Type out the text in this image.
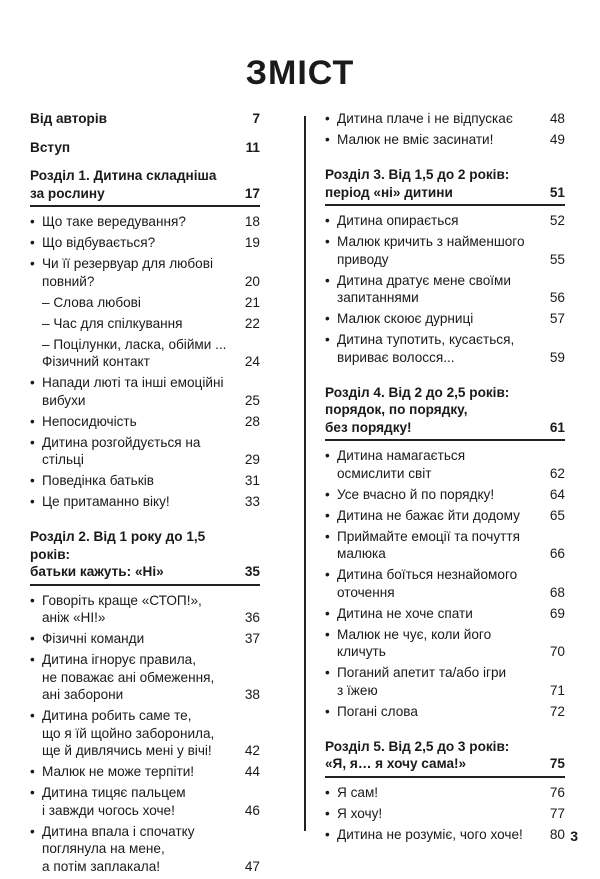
ЗМІСТ
Від авторів	7
Вступ	11
Розділ 1. Дитина складніша
за рослину	17
• Що таке вередування?	18
• Що відбувається?	19
• Чи її резервуар для любові
повний?	20
– Слова любові	21
– Час для спілкування	22
– Поцілунки, ласка, обійми ...
Фізичний контакт	24
• Напади люті та інші емоційні
вибухи	25
• Непосидючість	28
• Дитина розгойдується на стільці	29
• Поведінка батьків	31
• Це притаманно віку!	33
Розділ 2. Від 1 року до 1,5 років:
батьки кажуть: «Ні»	35
• Говоріть краще «СТОП!»,
аніж «НІ!»	36
• Фізичні команди	37
• Дитина ігнорує правила,
не поважає ані обмеження,
ані заборони	38
• Дитина робить саме те,
що я їй щойно заборонила,
ще й дивлячись мені у вічі!	42
• Малюк не може терпіти!	44
• Дитина тицяє пальцем
і завжди чогось хоче!	46
• Дитина впала і спочатку
поглянула на мене,
а потім заплакала!	47
• Дитина плаче і не відпускає	48
• Малюк не вміє засинати!	49
Розділ 3. Від 1,5 до 2 років:
період «ні» дитини	51
• Дитина опирається	52
• Малюк кричить з найменшого
приводу	55
• Дитина дратує мене своїми
запитаннями	56
• Малюк скоює дурниці	57
• Дитина тупотить, кусається,
вириває волосся...	59
Розділ 4. Від 2 до 2,5 років:
порядок, по порядку,
без порядку!	61
• Дитина намагається
осмислити світ	62
• Усе вчасно й по порядку!	64
• Дитина не бажає йти додому	65
• Приймайте емоції та почуття
малюка	66
• Дитина боїться незнайомого
оточення	68
• Дитина не хоче спати	69
• Малюк не чує, коли його
кличуть	70
• Поганий апетит та/або ігри
з їжею	71
• Погані слова	72
Розділ 5. Від 2,5 до 3 років:
«Я, я… я хочу сама!»	75
• Я сам!	76
• Я хочу!	77
• Дитина не розуміє, чого хоче!	80 3
